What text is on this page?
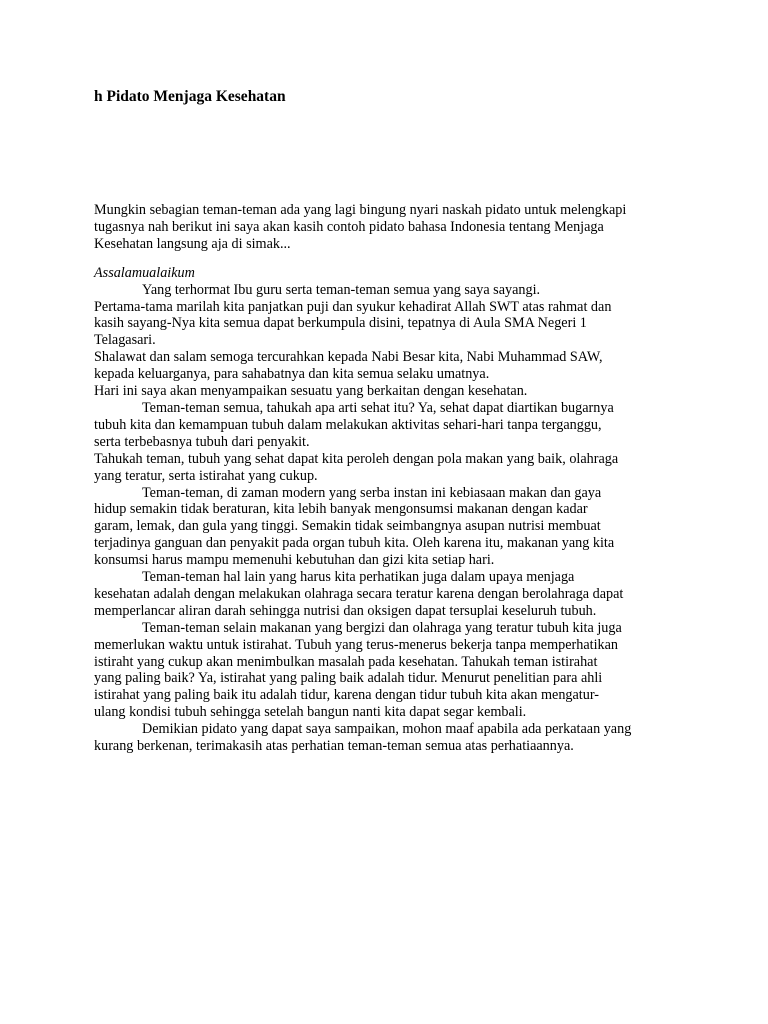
h Pidato Menjaga Kesehatan
Mungkin sebagian teman-teman ada yang lagi bingung nyari naskah pidato untuk melengkapi
tugasnya nah berikut ini saya akan kasih contoh pidato bahasa Indonesia tentang Menjaga
Kesehatan langsung aja di simak...
Assalamualaikum
Yang terhormat Ibu guru serta teman-teman semua yang saya sayangi.
Pertama-tama marilah kita panjatkan puji dan syukur kehadirat Allah SWT atas rahmat dan
kasih sayang-Nya kita semua dapat berkumpula disini, tepatnya di Aula SMA Negeri 1
Telagasari.
Shalawat dan salam semoga tercurahkan kepada Nabi Besar kita, Nabi Muhammad SAW,
kepada keluarganya, para sahabatnya dan kita semua selaku umatnya.
Hari ini saya akan menyampaikan sesuatu yang berkaitan dengan kesehatan.
Teman-teman semua, tahukah apa arti sehat itu? Ya, sehat dapat diartikan bugarnya
tubuh kita dan kemampuan tubuh dalam melakukan aktivitas sehari-hari tanpa terganggu,
serta terbebasnya tubuh dari penyakit.
Tahukah teman, tubuh yang sehat dapat kita peroleh dengan pola makan yang baik, olahraga
yang teratur, serta istirahat yang cukup.
Teman-teman, di zaman modern yang serba instan ini kebiasaan makan dan gaya
hidup semakin tidak beraturan, kita lebih banyak mengonsumsi makanan dengan kadar
garam, lemak, dan gula yang tinggi. Semakin tidak seimbangnya asupan nutrisi membuat
terjadinya ganguan dan penyakit pada organ tubuh kita. Oleh karena itu, makanan yang kita
konsumsi harus mampu memenuhi kebutuhan dan gizi kita setiap hari.
Teman-teman hal lain yang harus kita perhatikan juga dalam upaya menjaga
kesehatan adalah dengan melakukan olahraga secara teratur karena dengan berolahraga dapat
memperlancar aliran darah sehingga nutrisi dan oksigen dapat tersuplai keseluruh tubuh.
Teman-teman selain makanan yang bergizi dan olahraga yang teratur tubuh kita juga
memerlukan waktu untuk istirahat. Tubuh yang terus-menerus bekerja tanpa memperhatikan
istiraht yang cukup akan menimbulkan masalah pada kesehatan. Tahukah teman istirahat
yang paling baik? Ya, istirahat yang paling baik adalah tidur. Menurut penelitian para ahli
istirahat yang paling baik itu adalah tidur, karena dengan tidur tubuh kita akan mengatur-
ulang kondisi tubuh sehingga setelah bangun nanti kita dapat segar kembali.
Demikian pidato yang dapat saya sampaikan, mohon maaf apabila ada perkataan yang
kurang berkenan, terimakasih atas perhatian teman-teman semua atas perhatiaannya.
